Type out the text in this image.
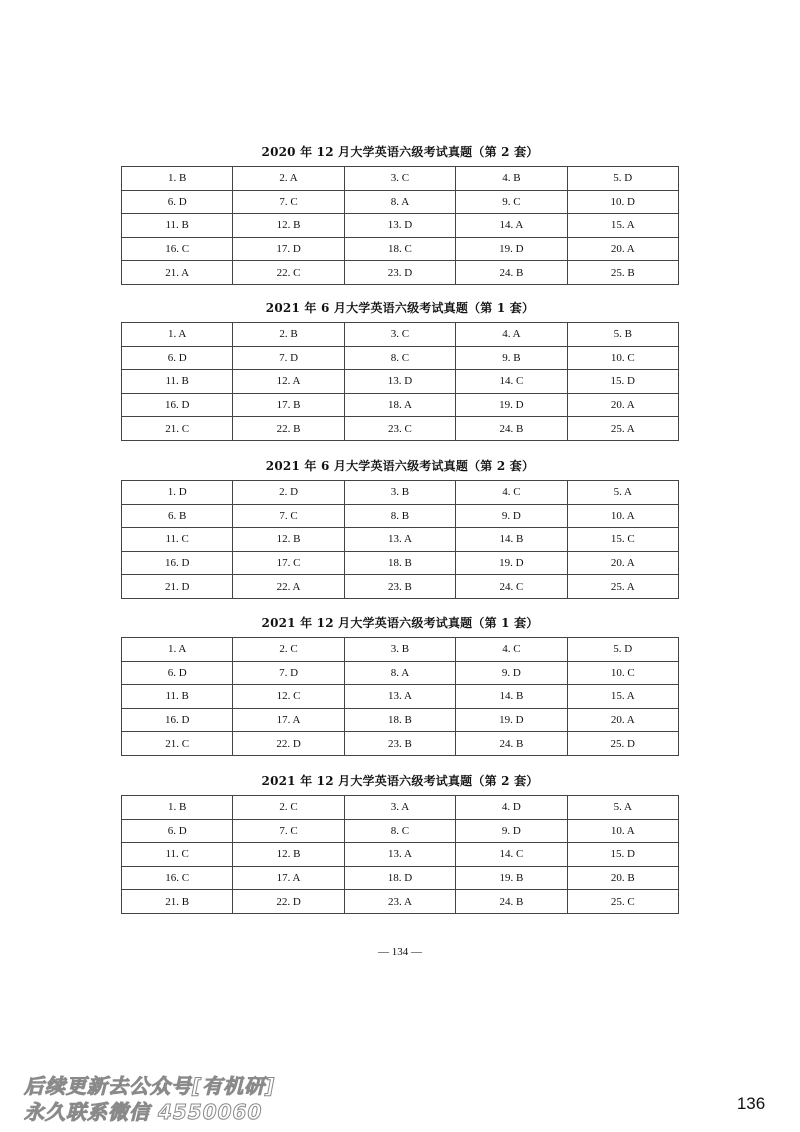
2020 年 12 月大学英语六级考试真题（第 2 套）
1. B	2. A	3. C	4. B	5. D
6. D	7. C	8. A	9. C	10. D
11. B	12. B	13. D	14. A	15. A
16. C	17. D	18. C	19. D	20. A
21. A	22. C	23. D	24. B	25. B
2021 年 6 月大学英语六级考试真题（第 1 套）
1. A	2. B	3. C	4. A	5. B
6. D	7. D	8. C	9. B	10. C
11. B	12. A	13. D	14. C	15. D
16. D	17. B	18. A	19. D	20. A
21. C	22. B	23. C	24. B	25. A
2021 年 6 月大学英语六级考试真题（第 2 套）
1. D	2. D	3. B	4. C	5. A
6. B	7. C	8. B	9. D	10. A
11. C	12. B	13. A	14. B	15. C
16. D	17. C	18. B	19. D	20. A
21. D	22. A	23. B	24. C	25. A
2021 年 12 月大学英语六级考试真题（第 1 套）
1. A	2. C	3. B	4. C	5. D
6. D	7. D	8. A	9. D	10. C
11. B	12. C	13. A	14. B	15. A
16. D	17. A	18. B	19. D	20. A
21. C	22. D	23. B	24. B	25. D
2021 年 12 月大学英语六级考试真题（第 2 套）
1. B	2. C	3. A	4. D	5. A
6. D	7. C	8. C	9. D	10. A
11. C	12. B	13. A	14. C	15. D
16. C	17. A	18. D	19. B	20. B
21. B	22. D	23. A	24. B	25. C
— 134 —
后续更新去公众号[有机研]
永久联系微信 4550060	136
